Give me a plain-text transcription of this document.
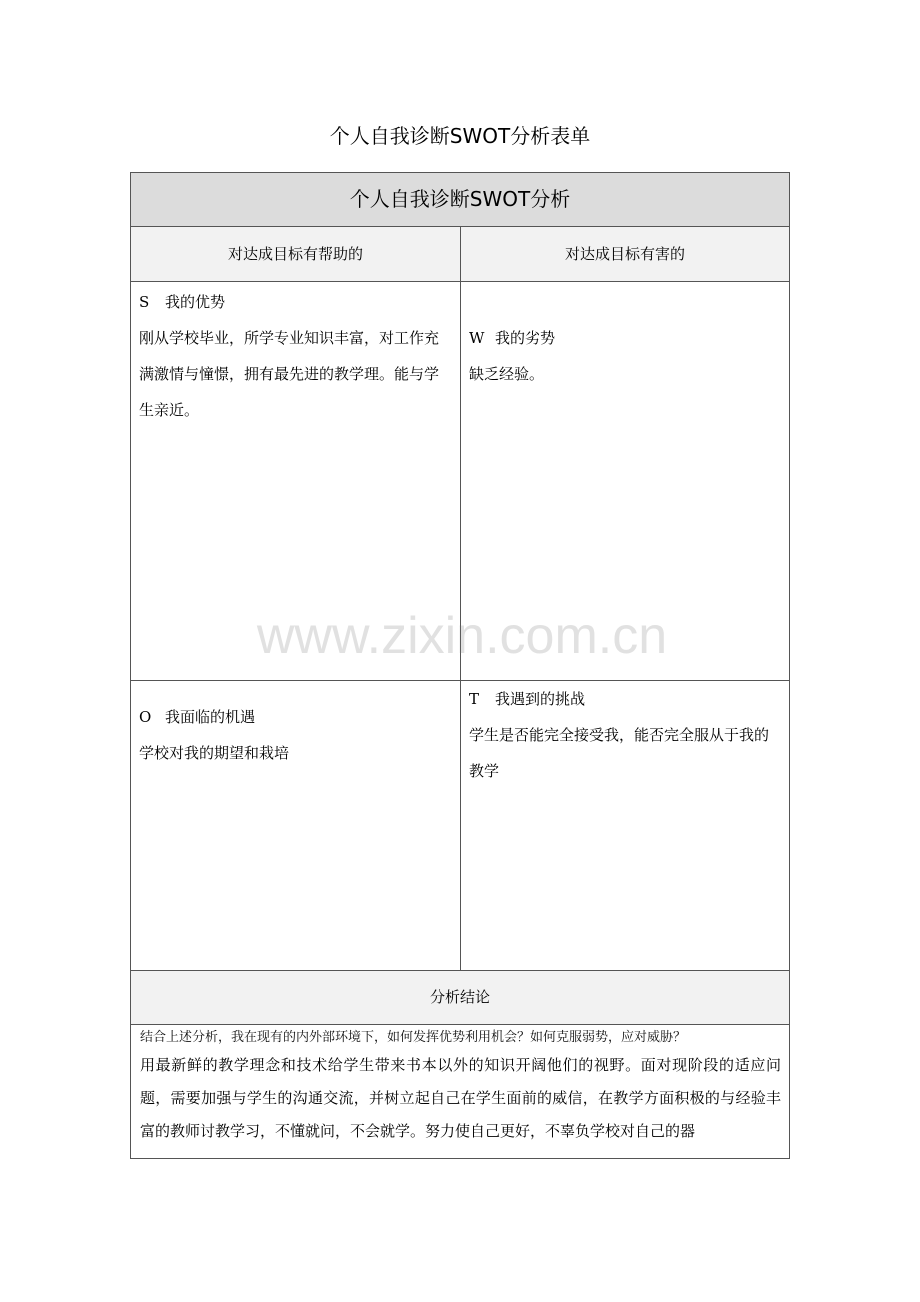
个人自我诊断SWOT分析表单
个人自我诊断SWOT分析
对达成目标有帮助的	对达成目标有害的
S 我的优势
刚从学校毕业，所学专业知识丰富，对工作充满激情与憧憬，拥有最先进的教学理。能与学生亲近。
W 我的劣势
缺乏经验。
O 我面临的机遇
学校对我的期望和栽培
T 我遇到的挑战
学生是否能完全接受我，能否完全服从于我的教学
分析结论
结合上述分析，我在现有的内外部环境下，如何发挥优势利用机会？如何克服弱势，应对威胁？
用最新鲜的教学理念和技术给学生带来书本以外的知识开阔他们的视野。面对现阶段的适应问题，需要加强与学生的沟通交流，并树立起自己在学生面前的威信，在教学方面积极的与经验丰富的教师讨教学习，不懂就问，不会就学。努力使自己更好，不辜负学校对自己的器
www.zixin.com.cn
